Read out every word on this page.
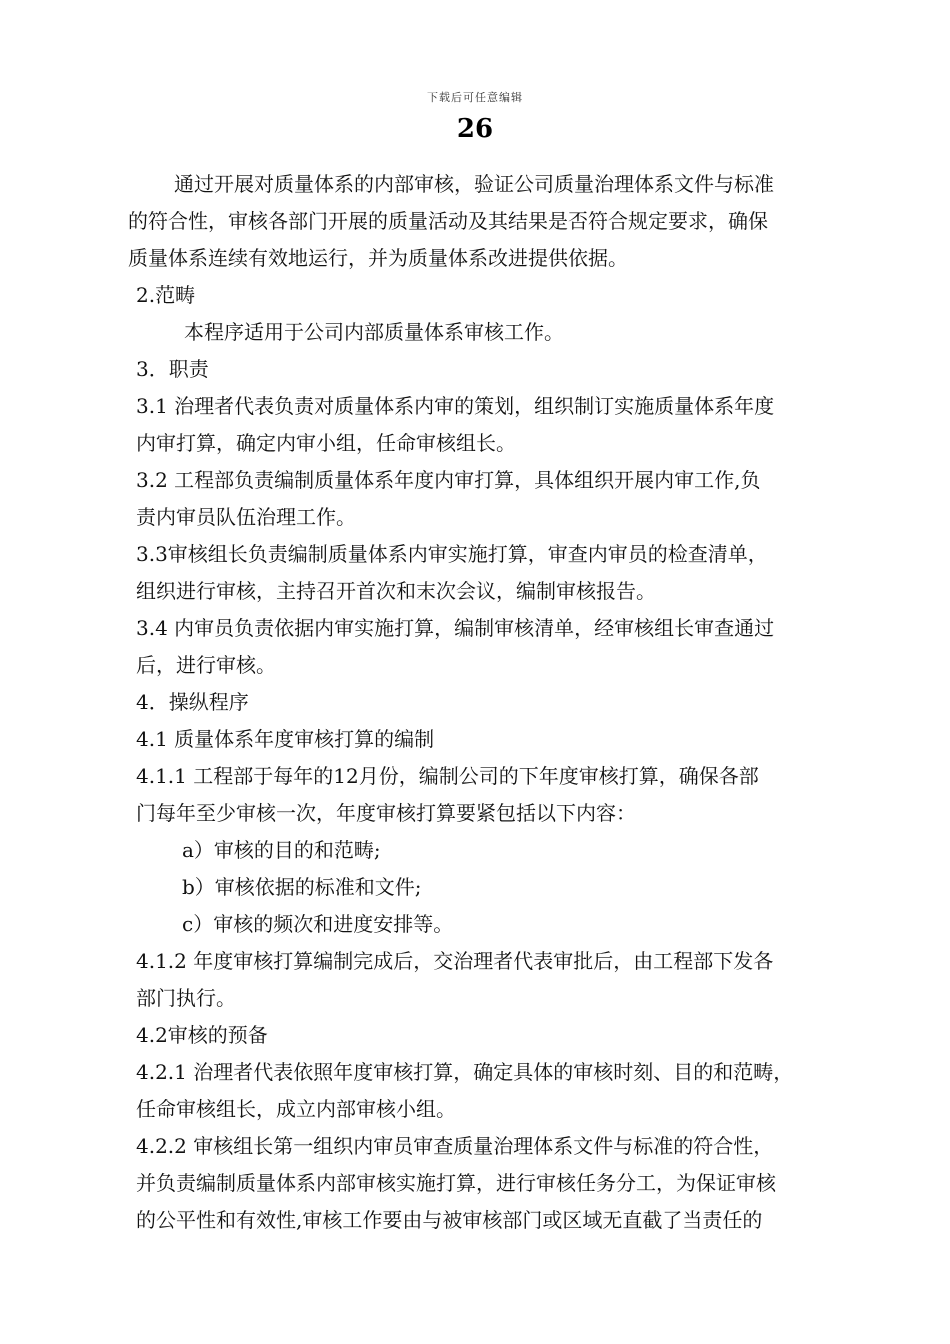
下载后可任意编辑
26
通过开展对质量体系的内部审核，验证公司质量治理体系文件与标准
的符合性，审核各部门开展的质量活动及其结果是否符合规定要求，确保
质量体系连续有效地运行，并为质量体系改进提供依据。
2.范畴
本程序适用于公司内部质量体系审核工作。
3．职责
3.1 治理者代表负责对质量体系内审的策划，组织制订实施质量体系年度
内审打算，确定内审小组，任命审核组长。
3.2 工程部负责编制质量体系年度内审打算，具体组织开展内审工作,负
责内审员队伍治理工作。
3.3审核组长负责编制质量体系内审实施打算，审查内审员的检查清单，
组织进行审核，主持召开首次和末次会议，编制审核报告。
3.4 内审员负责依据内审实施打算，编制审核清单，经审核组长审查通过
后，进行审核。
4．操纵程序
4.1 质量体系年度审核打算的编制
4.1.1 工程部于每年的12月份，编制公司的下年度审核打算，确保各部
门每年至少审核一次，年度审核打算要紧包括以下内容：
a）审核的目的和范畴;
b）审核依据的标准和文件;
c）审核的频次和进度安排等。
4.1.2 年度审核打算编制完成后，交治理者代表审批后，由工程部下发各
部门执行。
4.2审核的预备
4.2.1 治理者代表依照年度审核打算，确定具体的审核时刻、目的和范畴，
任命审核组长，成立内部审核小组。
4.2.2 审核组长第一组织内审员审查质量治理体系文件与标准的符合性，
并负责编制质量体系内部审核实施打算，进行审核任务分工，为保证审核
的公平性和有效性,审核工作要由与被审核部门或区域无直截了当责任的
